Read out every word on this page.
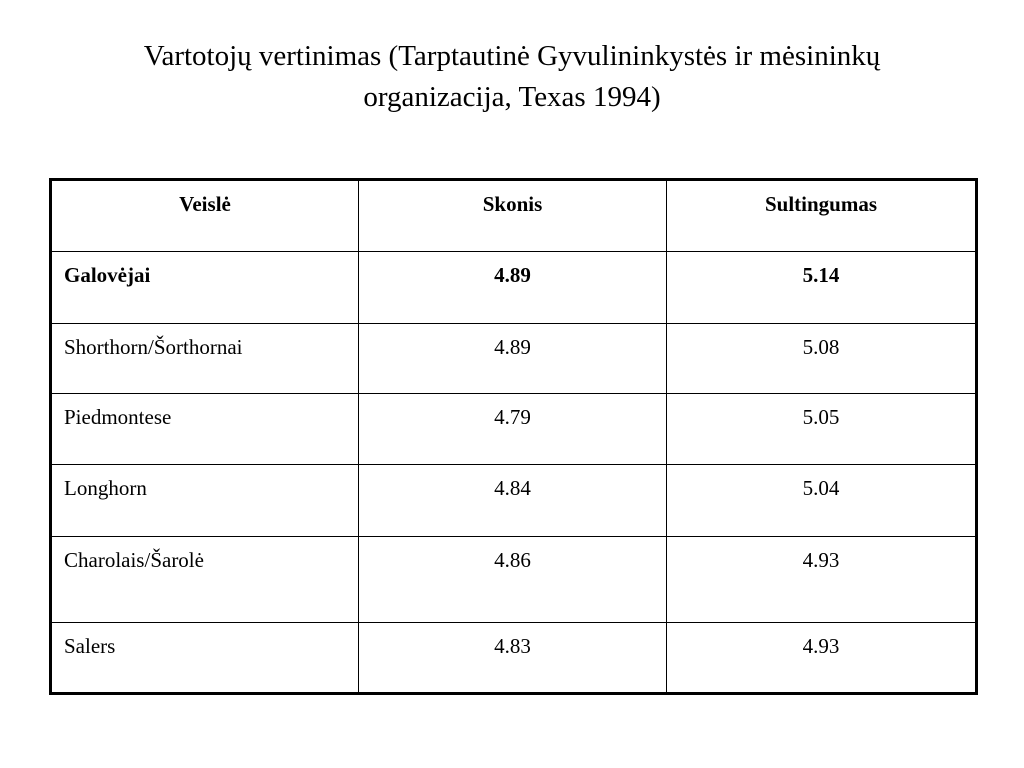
Vartotojų vertinimas (Tarptautinė Gyvulininkystės ir mėsininkų
organizacija, Texas 1994)
Veislė	Skonis	Sultingumas
Galovėjai	4.89	5.14
Shorthorn/Šorthornai	4.89	5.08
Piedmontese	4.79	5.05
Longhorn	4.84	5.04
Charolais/Šarolė	4.86	4.93
Salers	4.83	4.93
